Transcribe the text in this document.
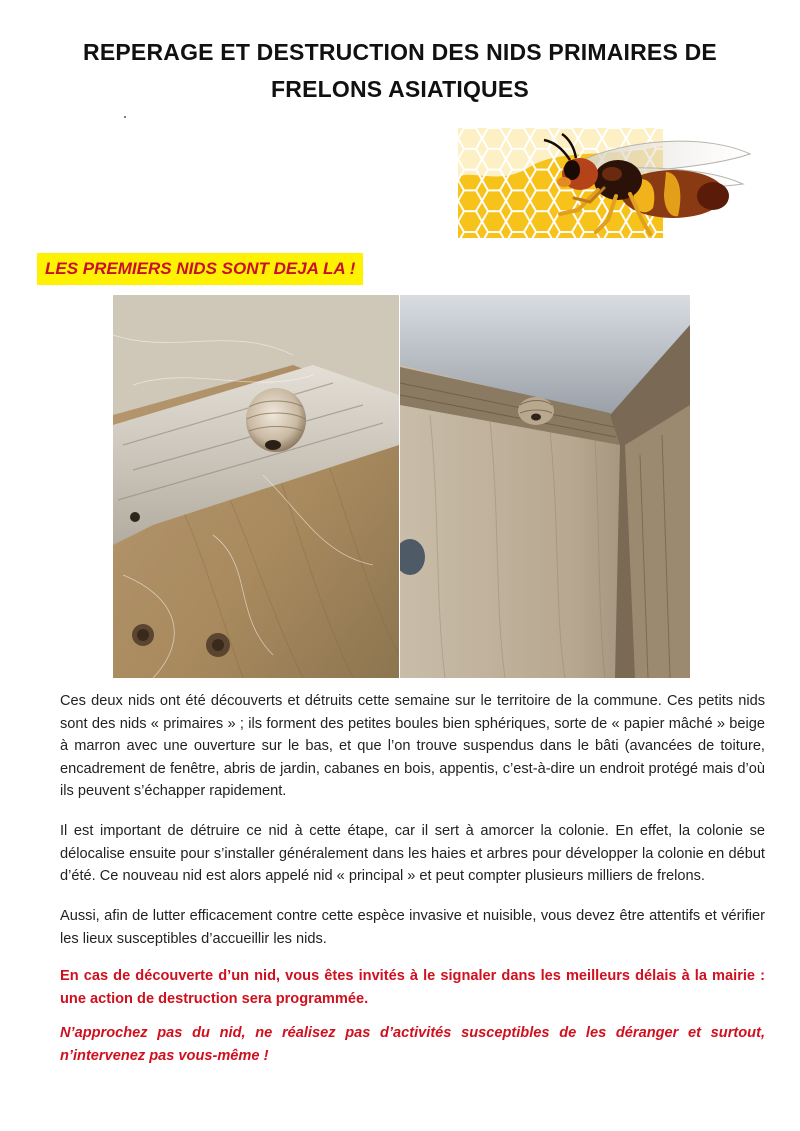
REPERAGE ET DESTRUCTION DES NIDS PRIMAIRES DE
FRELONS ASIATIQUES
LES PREMIERS NIDS SONT DEJA LA !
Ces deux nids ont été découverts et détruits cette semaine sur le territoire de la commune. Ces petits nids sont des nids « primaires » ; ils forment des petites boules bien sphériques, sorte de « papier mâché » beige à marron avec une ouverture sur le bas, et que l’on trouve suspendus dans le bâti (avancées de toiture, encadrement de fenêtre, abris de jardin, cabanes en bois, appentis, c’est-à-dire un endroit protégé mais d’où ils peuvent s’échapper rapidement.
Il est important de détruire ce nid à cette étape, car il sert à amorcer la colonie. En effet, la colonie se délocalise ensuite pour s’installer généralement dans les haies et arbres pour développer la colonie en début d’été. Ce nouveau nid est alors appelé nid « principal » et peut compter plusieurs milliers de frelons.
Aussi, afin de lutter efficacement contre cette espèce invasive et nuisible, vous devez être attentifs et vérifier les lieux susceptibles d’accueillir les nids.
En cas de découverte d’un nid, vous êtes invités à le signaler dans les meilleurs délais à la mairie : une action de destruction sera programmée.
N’approchez pas du nid, ne réalisez pas d’activités susceptibles de les déranger et surtout, n’intervenez pas vous-même !
